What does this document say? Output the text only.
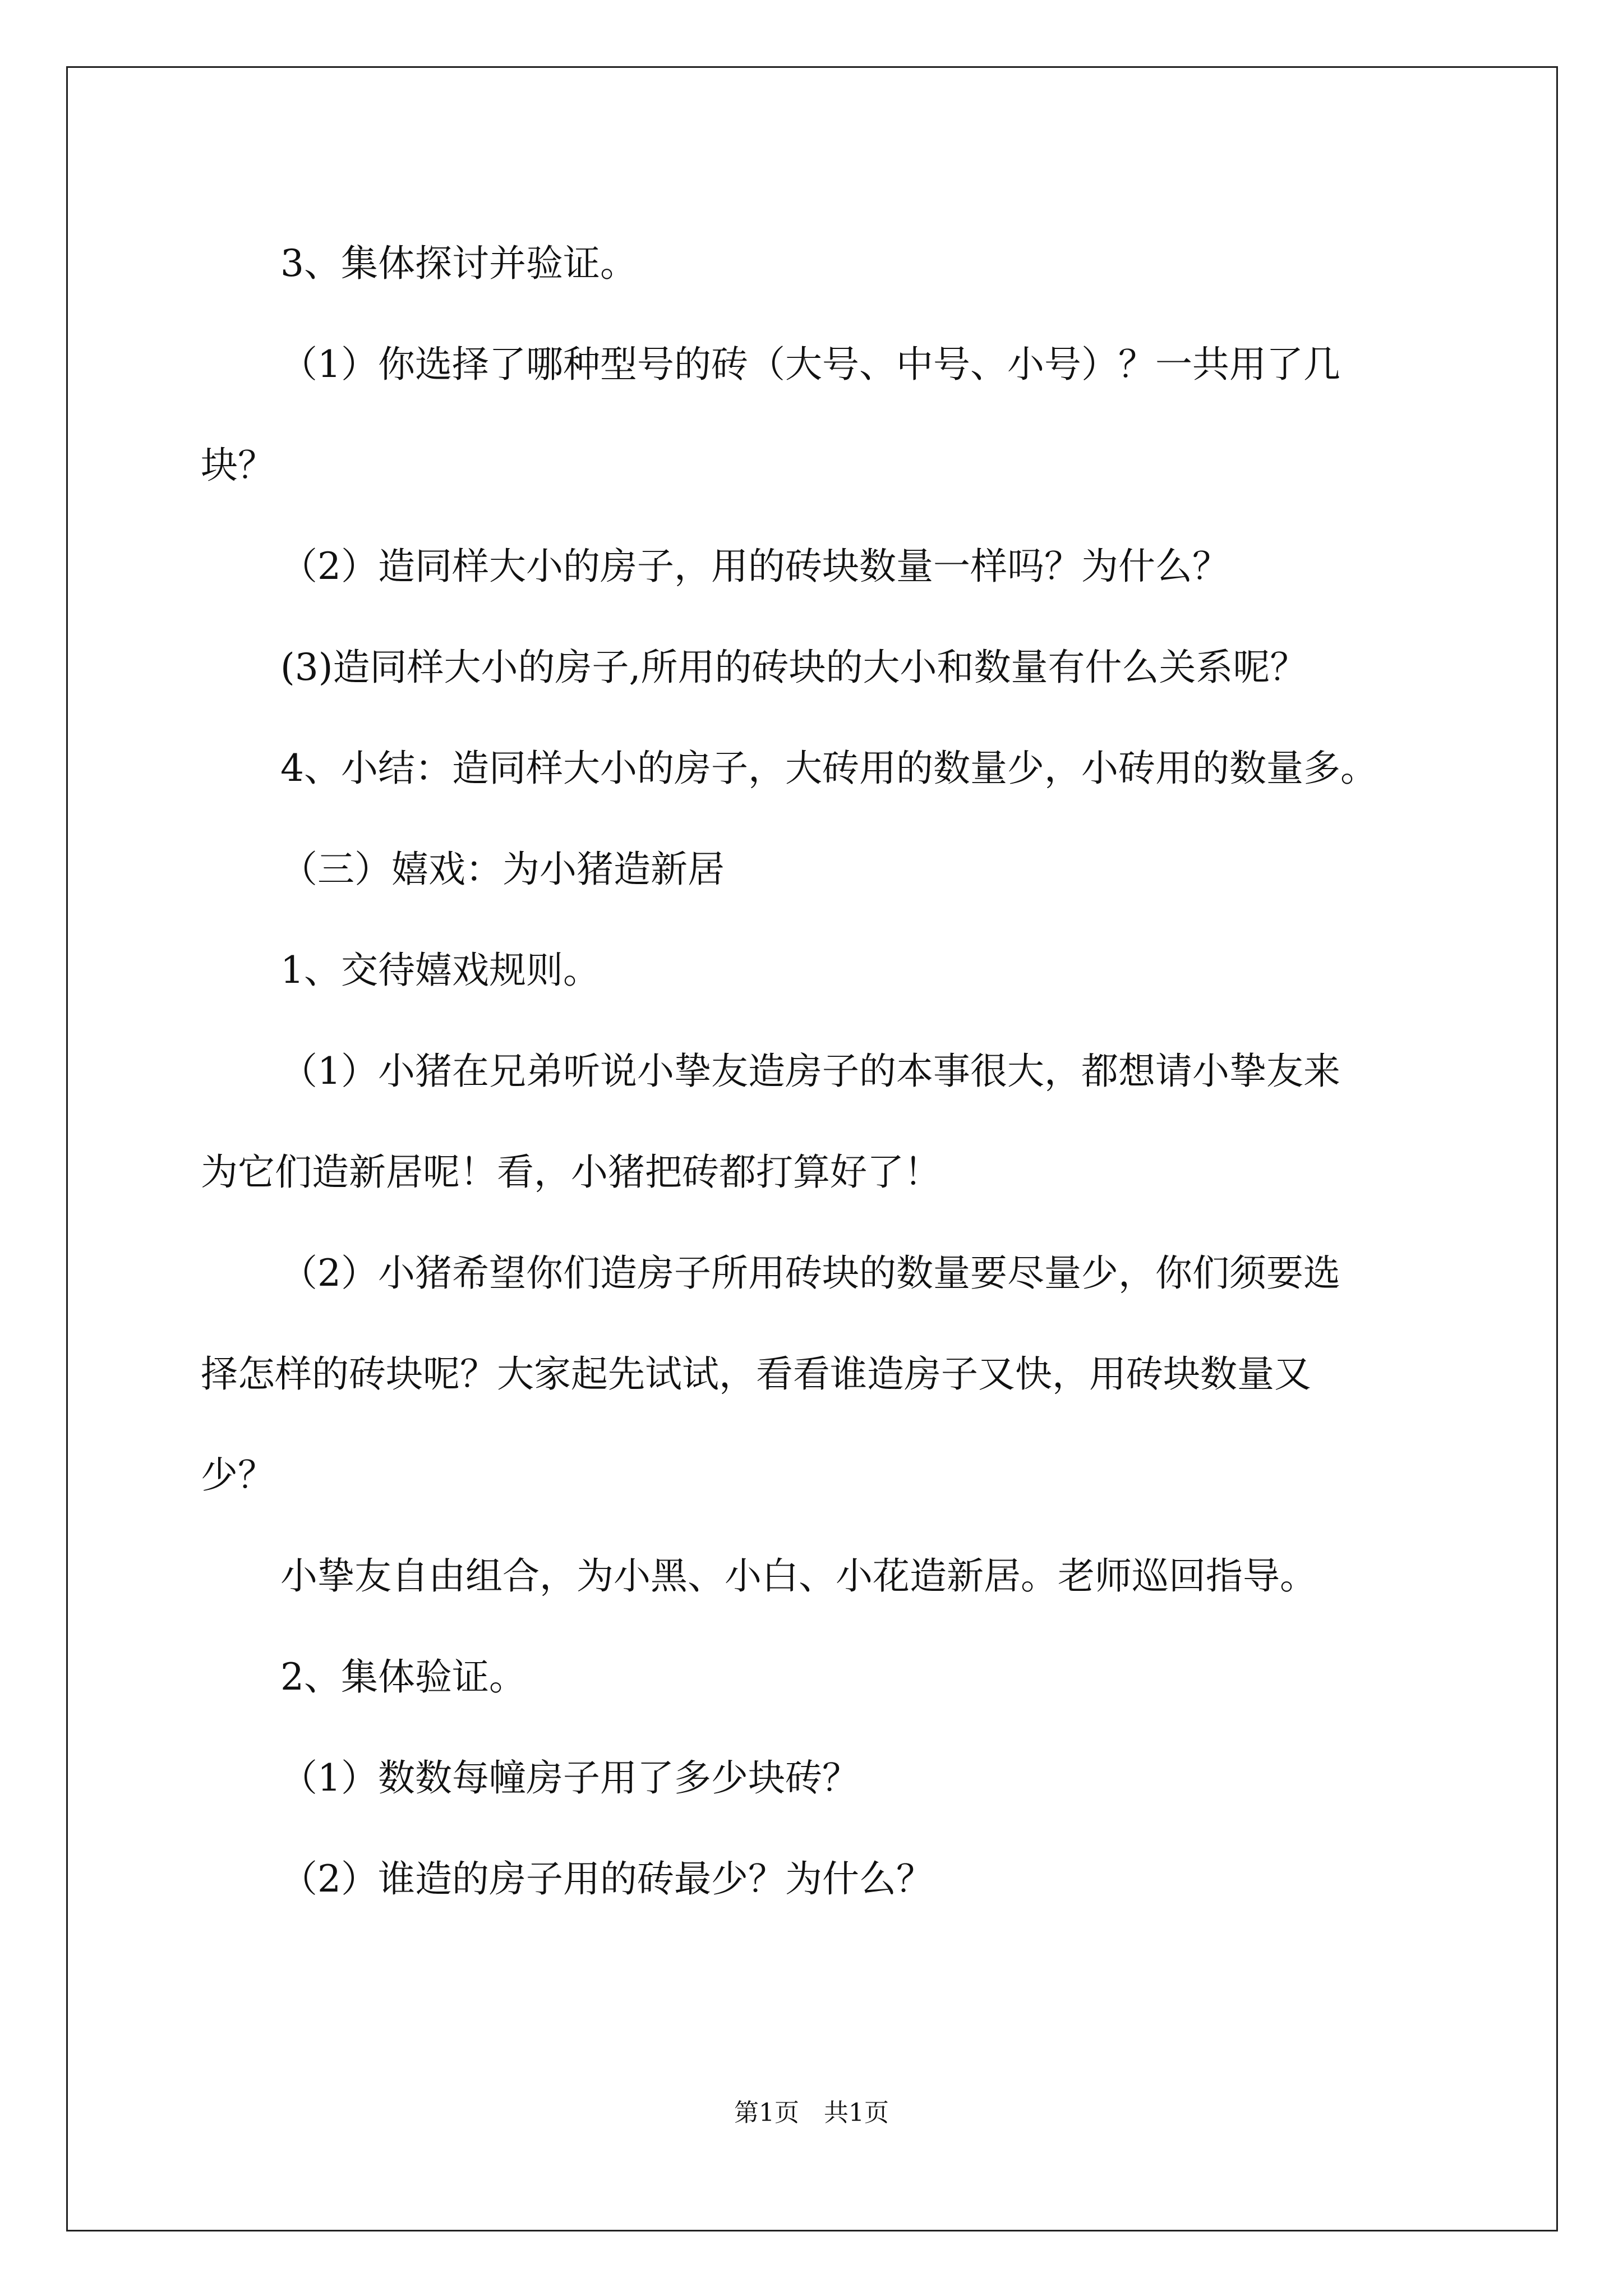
3、集体探讨并验证。

（1）你选择了哪种型号的砖（大号、中号、小号）？一共用了几

块？

（2）造同样大小的房子，用的砖块数量一样吗？为什么？

(3)造同样大小的房子,所用的砖块的大小和数量有什么关系呢？

4、小结：造同样大小的房子，大砖用的数量少，小砖用的数量多。

（三）嬉戏：为小猪造新居

1、交待嬉戏规则。

（1）小猪在兄弟听说小挚友造房子的本事很大，都想请小挚友来

为它们造新居呢！看，小猪把砖都打算好了！

（2）小猪希望你们造房子所用砖块的数量要尽量少，你们须要选

择怎样的砖块呢？大家起先试试，看看谁造房子又快，用砖块数量又

少？

小挚友自由组合，为小黑、小白、小花造新居。老师巡回指导。

2、集体验证。

（1）数数每幢房子用了多少块砖？

（2）谁造的房子用的砖最少？为什么？

第1页　共1页
